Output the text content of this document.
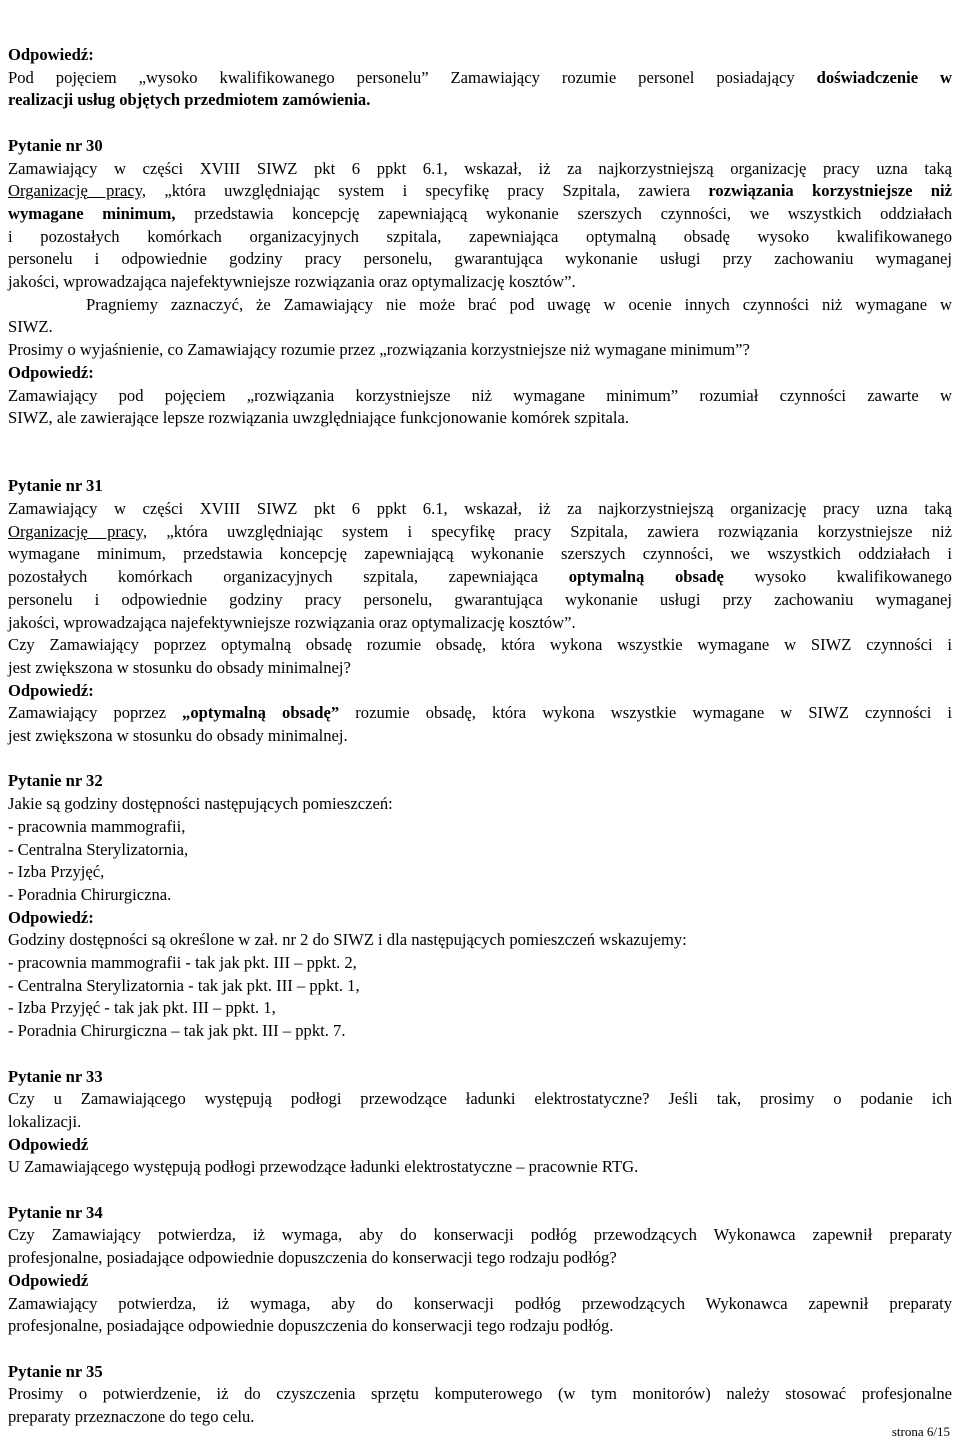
Odpowiedź:

Pod pojęciem „wysoko kwalifikowanego personelu” Zamawiający rozumie personel posiadający doświadczenie w

realizacji usług objętych przedmiotem zamówienia.

Pytanie nr 30

Zamawiający w części XVIII SIWZ pkt 6 ppkt 6.1, wskazał, iż za najkorzystniejszą organizację pracy uzna taką

Organizację pracy, „która uwzględniając system i specyfikę pracy Szpitala, zawiera rozwiązania korzystniejsze niż

wymagane minimum, przedstawia koncepcję zapewniającą wykonanie szerszych czynności, we wszystkich oddziałach

i pozostałych komórkach organizacyjnych szpitala, zapewniająca optymalną obsadę wysoko kwalifikowanego

personelu i odpowiednie godziny pracy personelu, gwarantująca wykonanie usługi przy zachowaniu wymaganej

jakości, wprowadzająca najefektywniejsze rozwiązania oraz optymalizację kosztów”.

Pragniemy zaznaczyć, że Zamawiający nie może brać pod uwagę w ocenie innych czynności niż wymagane w

SIWZ.

Prosimy o wyjaśnienie, co Zamawiający rozumie przez „rozwiązania korzystniejsze niż wymagane minimum”?

Odpowiedź:

Zamawiający pod pojęciem „rozwiązania korzystniejsze niż wymagane minimum” rozumiał czynności zawarte w

SIWZ, ale zawierające lepsze rozwiązania uwzględniające funkcjonowanie komórek szpitala.

Pytanie nr 31

Zamawiający w części XVIII SIWZ pkt 6 ppkt 6.1, wskazał, iż za najkorzystniejszą organizację pracy uzna taką

Organizację pracy, „która uwzględniając system i specyfikę pracy Szpitala, zawiera rozwiązania korzystniejsze niż

wymagane minimum, przedstawia koncepcję zapewniającą wykonanie szerszych czynności, we wszystkich oddziałach i

pozostałych komórkach organizacyjnych szpitala, zapewniająca optymalną obsadę wysoko kwalifikowanego

personelu i odpowiednie godziny pracy personelu, gwarantująca wykonanie usługi przy zachowaniu wymaganej

jakości, wprowadzająca najefektywniejsze rozwiązania oraz optymalizację kosztów”.

Czy Zamawiający poprzez optymalną obsadę rozumie obsadę, która wykona wszystkie wymagane w SIWZ czynności i

jest zwiększona w stosunku do obsady minimalnej?

Odpowiedź:

Zamawiający poprzez „optymalną obsadę” rozumie obsadę, która wykona wszystkie wymagane w SIWZ czynności i

jest zwiększona w stosunku do obsady minimalnej.

Pytanie nr 32

Jakie są godziny dostępności następujących pomieszczeń:

- pracownia mammografii,

- Centralna Sterylizatornia,

- Izba Przyjęć,

- Poradnia Chirurgiczna.

Odpowiedź:

Godziny dostępności są określone w zał. nr 2 do SIWZ i dla następujących pomieszczeń wskazujemy:

- pracownia mammografii - tak jak pkt. III – ppkt. 2,

- Centralna Sterylizatornia - tak jak pkt. III – ppkt. 1,

- Izba Przyjęć - tak jak pkt. III – ppkt. 1,

- Poradnia Chirurgiczna – tak jak pkt. III – ppkt. 7.

Pytanie nr 33

Czy u Zamawiającego występują podłogi przewodzące ładunki elektrostatyczne? Jeśli tak, prosimy o podanie ich

lokalizacji.

Odpowiedź

U Zamawiającego występują podłogi przewodzące ładunki elektrostatyczne – pracownie RTG.

Pytanie nr 34

Czy Zamawiający potwierdza, iż wymaga, aby do konserwacji podłóg przewodzących Wykonawca zapewnił preparaty

profesjonalne, posiadające odpowiednie dopuszczenia do konserwacji tego rodzaju podłóg?

Odpowiedź

Zamawiający potwierdza, iż wymaga, aby do konserwacji podłóg przewodzących Wykonawca zapewnił preparaty

profesjonalne, posiadające odpowiednie dopuszczenia do konserwacji tego rodzaju podłóg.

Pytanie nr 35

Prosimy o potwierdzenie, iż do czyszczenia sprzętu komputerowego (w tym monitorów) należy stosować profesjonalne

preparaty przeznaczone do tego celu.

strona 6/15
